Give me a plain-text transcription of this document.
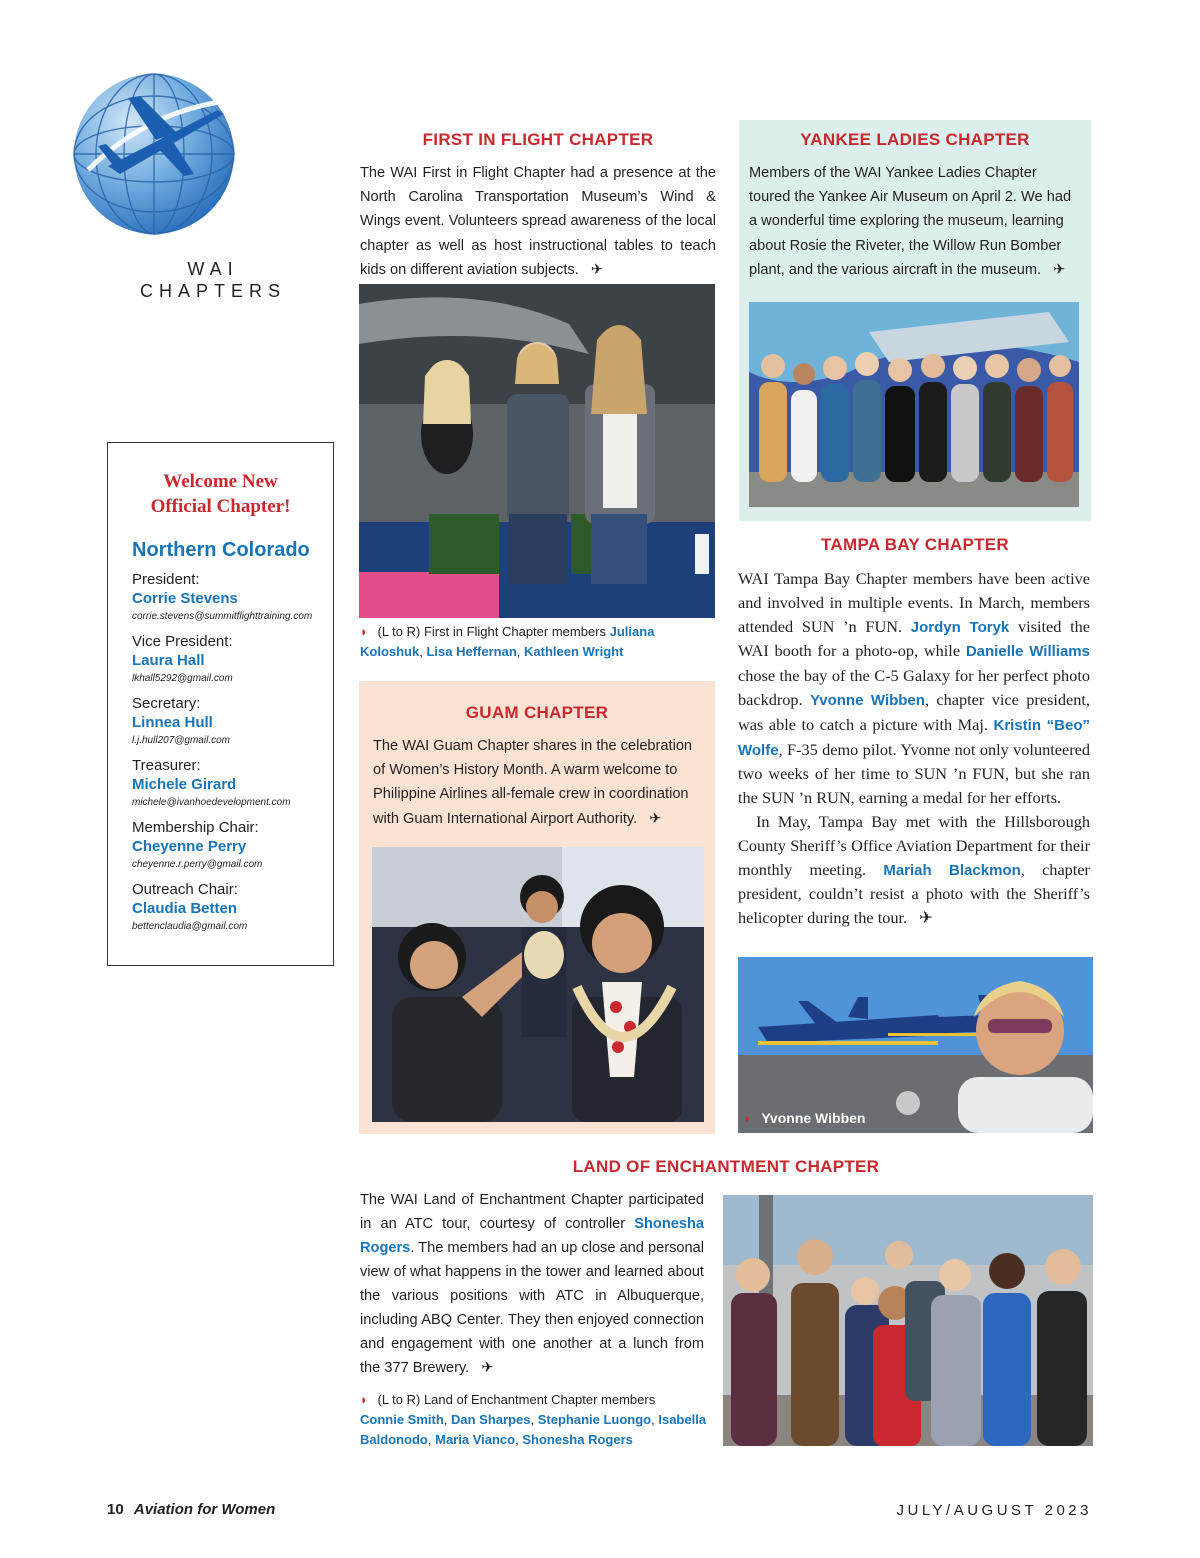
WAI
CHAPTERS
Welcome New
Official Chapter!
Northern Colorado
President:
Corrie Stevens
corrie.stevens@summitflighttraining.com
Vice President:
Laura Hall
lkhall5292@gmail.com
Secretary:
Linnea Hull
l.j.hull207@gmail.com
Treasurer:
Michele Girard
michele@ivanhoedevelopment.com
Membership Chair:
Cheyenne Perry
cheyenne.r.perry@gmail.com
Outreach Chair:
Claudia Betten
bettenclaudia@gmail.com
FIRST IN FLIGHT CHAPTER
The WAI First in Flight Chapter had a presence at the North Carolina Transportation Museum’s Wind & Wings event. Volunteers spread awareness of the local chapter as well as host instructional tables to teach kids on different aviation subjects. ✈
◗ (L to R) First in Flight Chapter members Juliana Koloshuk, Lisa Heffernan, Kathleen Wright
YANKEE LADIES CHAPTER
Members of the WAI Yankee Ladies Chapter toured the Yankee Air Museum on April 2. We had a wonderful time exploring the museum, learning about Rosie the Riveter, the Willow Run Bomber plant, and the various aircraft in the museum. ✈
GUAM CHAPTER
The WAI Guam Chapter shares in the celebration of Women’s History Month. A warm welcome to Philippine Airlines all-female crew in coordination with Guam International Airport Authority. ✈
TAMPA BAY CHAPTER
WAI Tampa Bay Chapter members have been active and involved in multiple events. In March, members attended SUN ’n FUN. Jordyn Toryk visited the WAI booth for a photo-op, while Danielle Williams chose the bay of the C-5 Galaxy for her perfect photo backdrop. Yvonne Wibben, chapter vice president, was able to catch a picture with Maj. Kristin “Beo” Wolfe, F-35 demo pilot. Yvonne not only volunteered two weeks of her time to SUN ’n FUN, but she ran the SUN ’n RUN, earning a medal for her efforts.
In May, Tampa Bay met with the Hillsborough County Sheriff’s Office Aviation Department for their monthly meeting. Mariah Blackmon, chapter president, couldn’t resist a photo with the Sheriff’s helicopter during the tour. ✈
◗ Yvonne Wibben
LAND OF ENCHANTMENT CHAPTER
The WAI Land of Enchantment Chapter participated in an ATC tour, courtesy of controller Shonesha Rogers. The members had an up close and personal view of what happens in the tower and learned about the various positions with ATC in Albuquerque, including ABQ Center. They then enjoyed connection and engagement with one another at a lunch from the 377 Brewery. ✈
◗ (L to R) Land of Enchantment Chapter members
Connie Smith, Dan Sharpes, Stephanie Luongo, Isabella Baldonodo, Maria Vianco, Shonesha Rogers
10 Aviation for Women	JULY/AUGUST 2023
